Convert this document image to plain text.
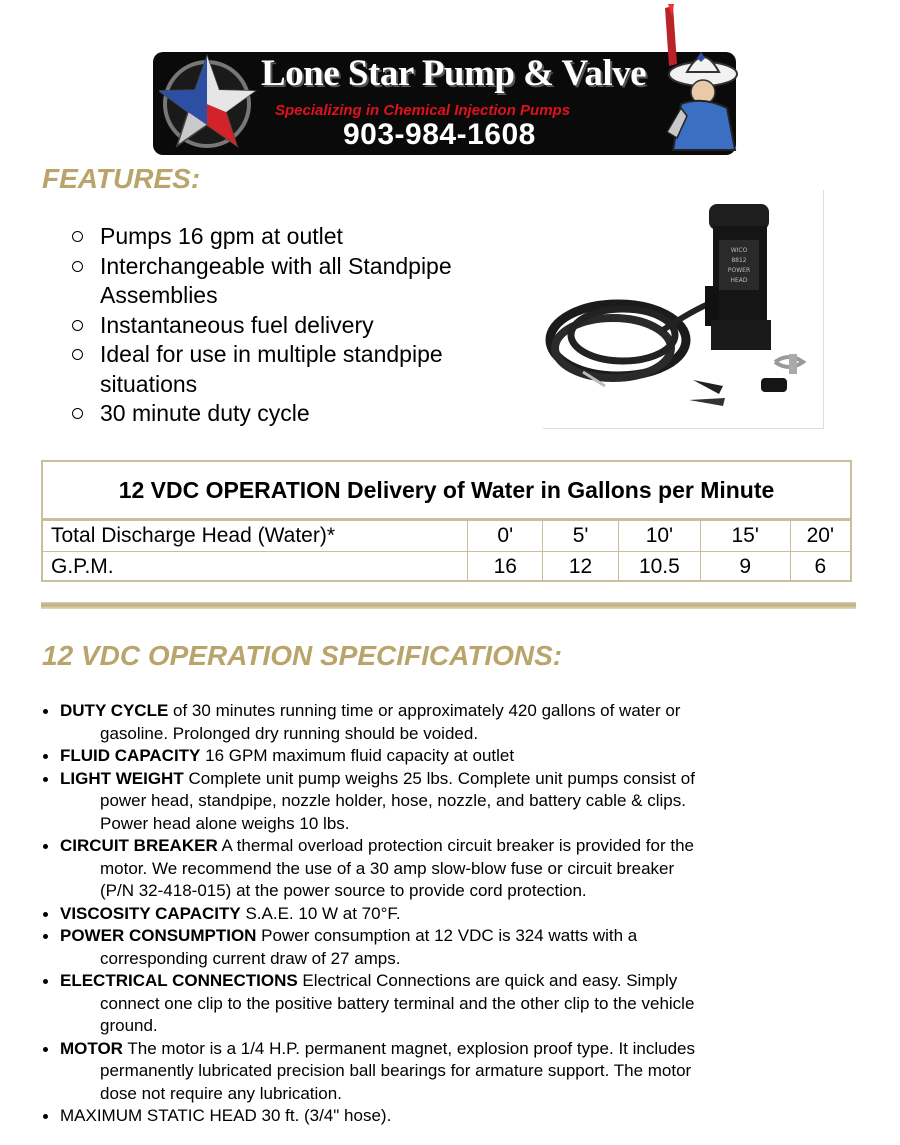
Lone Star Pump & Valve
Specializing in Chemical Injection Pumps
903-984-1608
FEATURES:
Pumps 16 gpm at outlet
Interchangeable with all Standpipe Assemblies
Instantaneous fuel delivery
Ideal for use in multiple standpipe situations
30 minute duty cycle
WICO
8812
POWER
HEAD
12 VDC OPERATION Delivery of Water in Gallons per Minute
Total Discharge Head (Water)*	0'	5'	10'	15'	20'
G.P.M.	16	12	10.5	9	6
12 VDC OPERATION SPECIFICATIONS:
DUTY CYCLE of 30 minutes running time or approximately 420 gallons of water or
gasoline. Prolonged dry running should be voided.
FLUID CAPACITY 16 GPM maximum fluid capacity at outlet
LIGHT WEIGHT Complete unit pump weighs 25 lbs. Complete unit pumps consist of
power head, standpipe, nozzle holder, hose, nozzle, and battery cable & clips.
Power head alone weighs 10 lbs.
CIRCUIT BREAKER A thermal overload protection circuit breaker is provided for the
motor. We recommend the use of a 30 amp slow-blow fuse or circuit breaker
(P/N 32-418-015) at the power source to provide cord protection.
VISCOSITY CAPACITY S.A.E. 10 W at 70°F.
POWER CONSUMPTION Power consumption at 12 VDC is 324 watts with a
corresponding current draw of 27 amps.
ELECTRICAL CONNECTIONS Electrical Connections are quick and easy. Simply
connect one clip to the positive battery terminal and the other clip to the vehicle
ground.
MOTOR The motor is a 1/4 H.P. permanent magnet, explosion proof type. It includes
permanently lubricated precision ball bearings for armature support. The motor
dose not require any lubrication.
MAXIMUM STATIC HEAD 30 ft. (3/4" hose).
